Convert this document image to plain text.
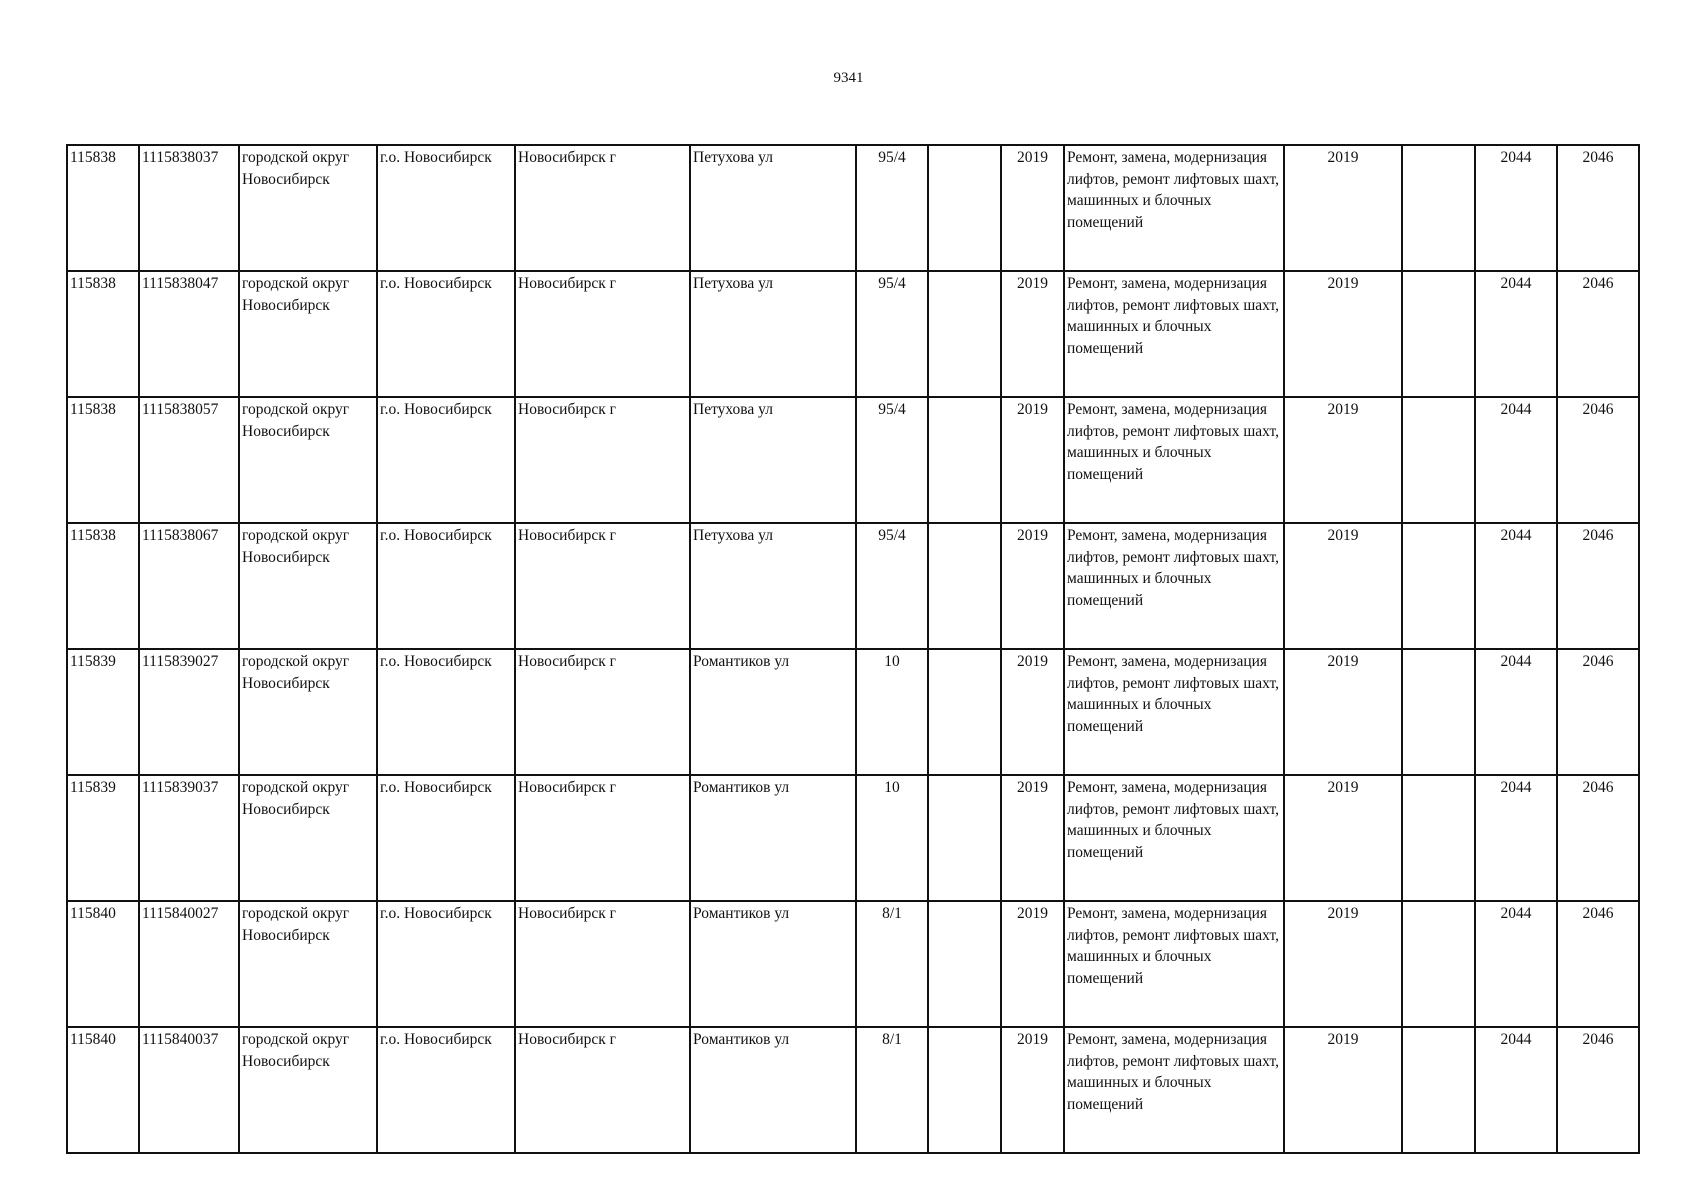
9341
115838	1115838037	городской округ Новосибирск	г.о. Новосибирск	Новосибирск г	Петухова ул	95/4		2019	Ремонт, замена, модернизация лифтов, ремонт лифтовых шахт, машинных и блочных помещений	2019		2044	2046
115838	1115838047	городской округ Новосибирск	г.о. Новосибирск	Новосибирск г	Петухова ул	95/4		2019	Ремонт, замена, модернизация лифтов, ремонт лифтовых шахт, машинных и блочных помещений	2019		2044	2046
115838	1115838057	городской округ Новосибирск	г.о. Новосибирск	Новосибирск г	Петухова ул	95/4		2019	Ремонт, замена, модернизация лифтов, ремонт лифтовых шахт, машинных и блочных помещений	2019		2044	2046
115838	1115838067	городской округ Новосибирск	г.о. Новосибирск	Новосибирск г	Петухова ул	95/4		2019	Ремонт, замена, модернизация лифтов, ремонт лифтовых шахт, машинных и блочных помещений	2019		2044	2046
115839	1115839027	городской округ Новосибирск	г.о. Новосибирск	Новосибирск г	Романтиков ул	10		2019	Ремонт, замена, модернизация лифтов, ремонт лифтовых шахт, машинных и блочных помещений	2019		2044	2046
115839	1115839037	городской округ Новосибирск	г.о. Новосибирск	Новосибирск г	Романтиков ул	10		2019	Ремонт, замена, модернизация лифтов, ремонт лифтовых шахт, машинных и блочных помещений	2019		2044	2046
115840	1115840027	городской округ Новосибирск	г.о. Новосибирск	Новосибирск г	Романтиков ул	8/1		2019	Ремонт, замена, модернизация лифтов, ремонт лифтовых шахт, машинных и блочных помещений	2019		2044	2046
115840	1115840037	городской округ Новосибирск	г.о. Новосибирск	Новосибирск г	Романтиков ул	8/1		2019	Ремонт, замена, модернизация лифтов, ремонт лифтовых шахт, машинных и блочных помещений	2019		2044	2046
